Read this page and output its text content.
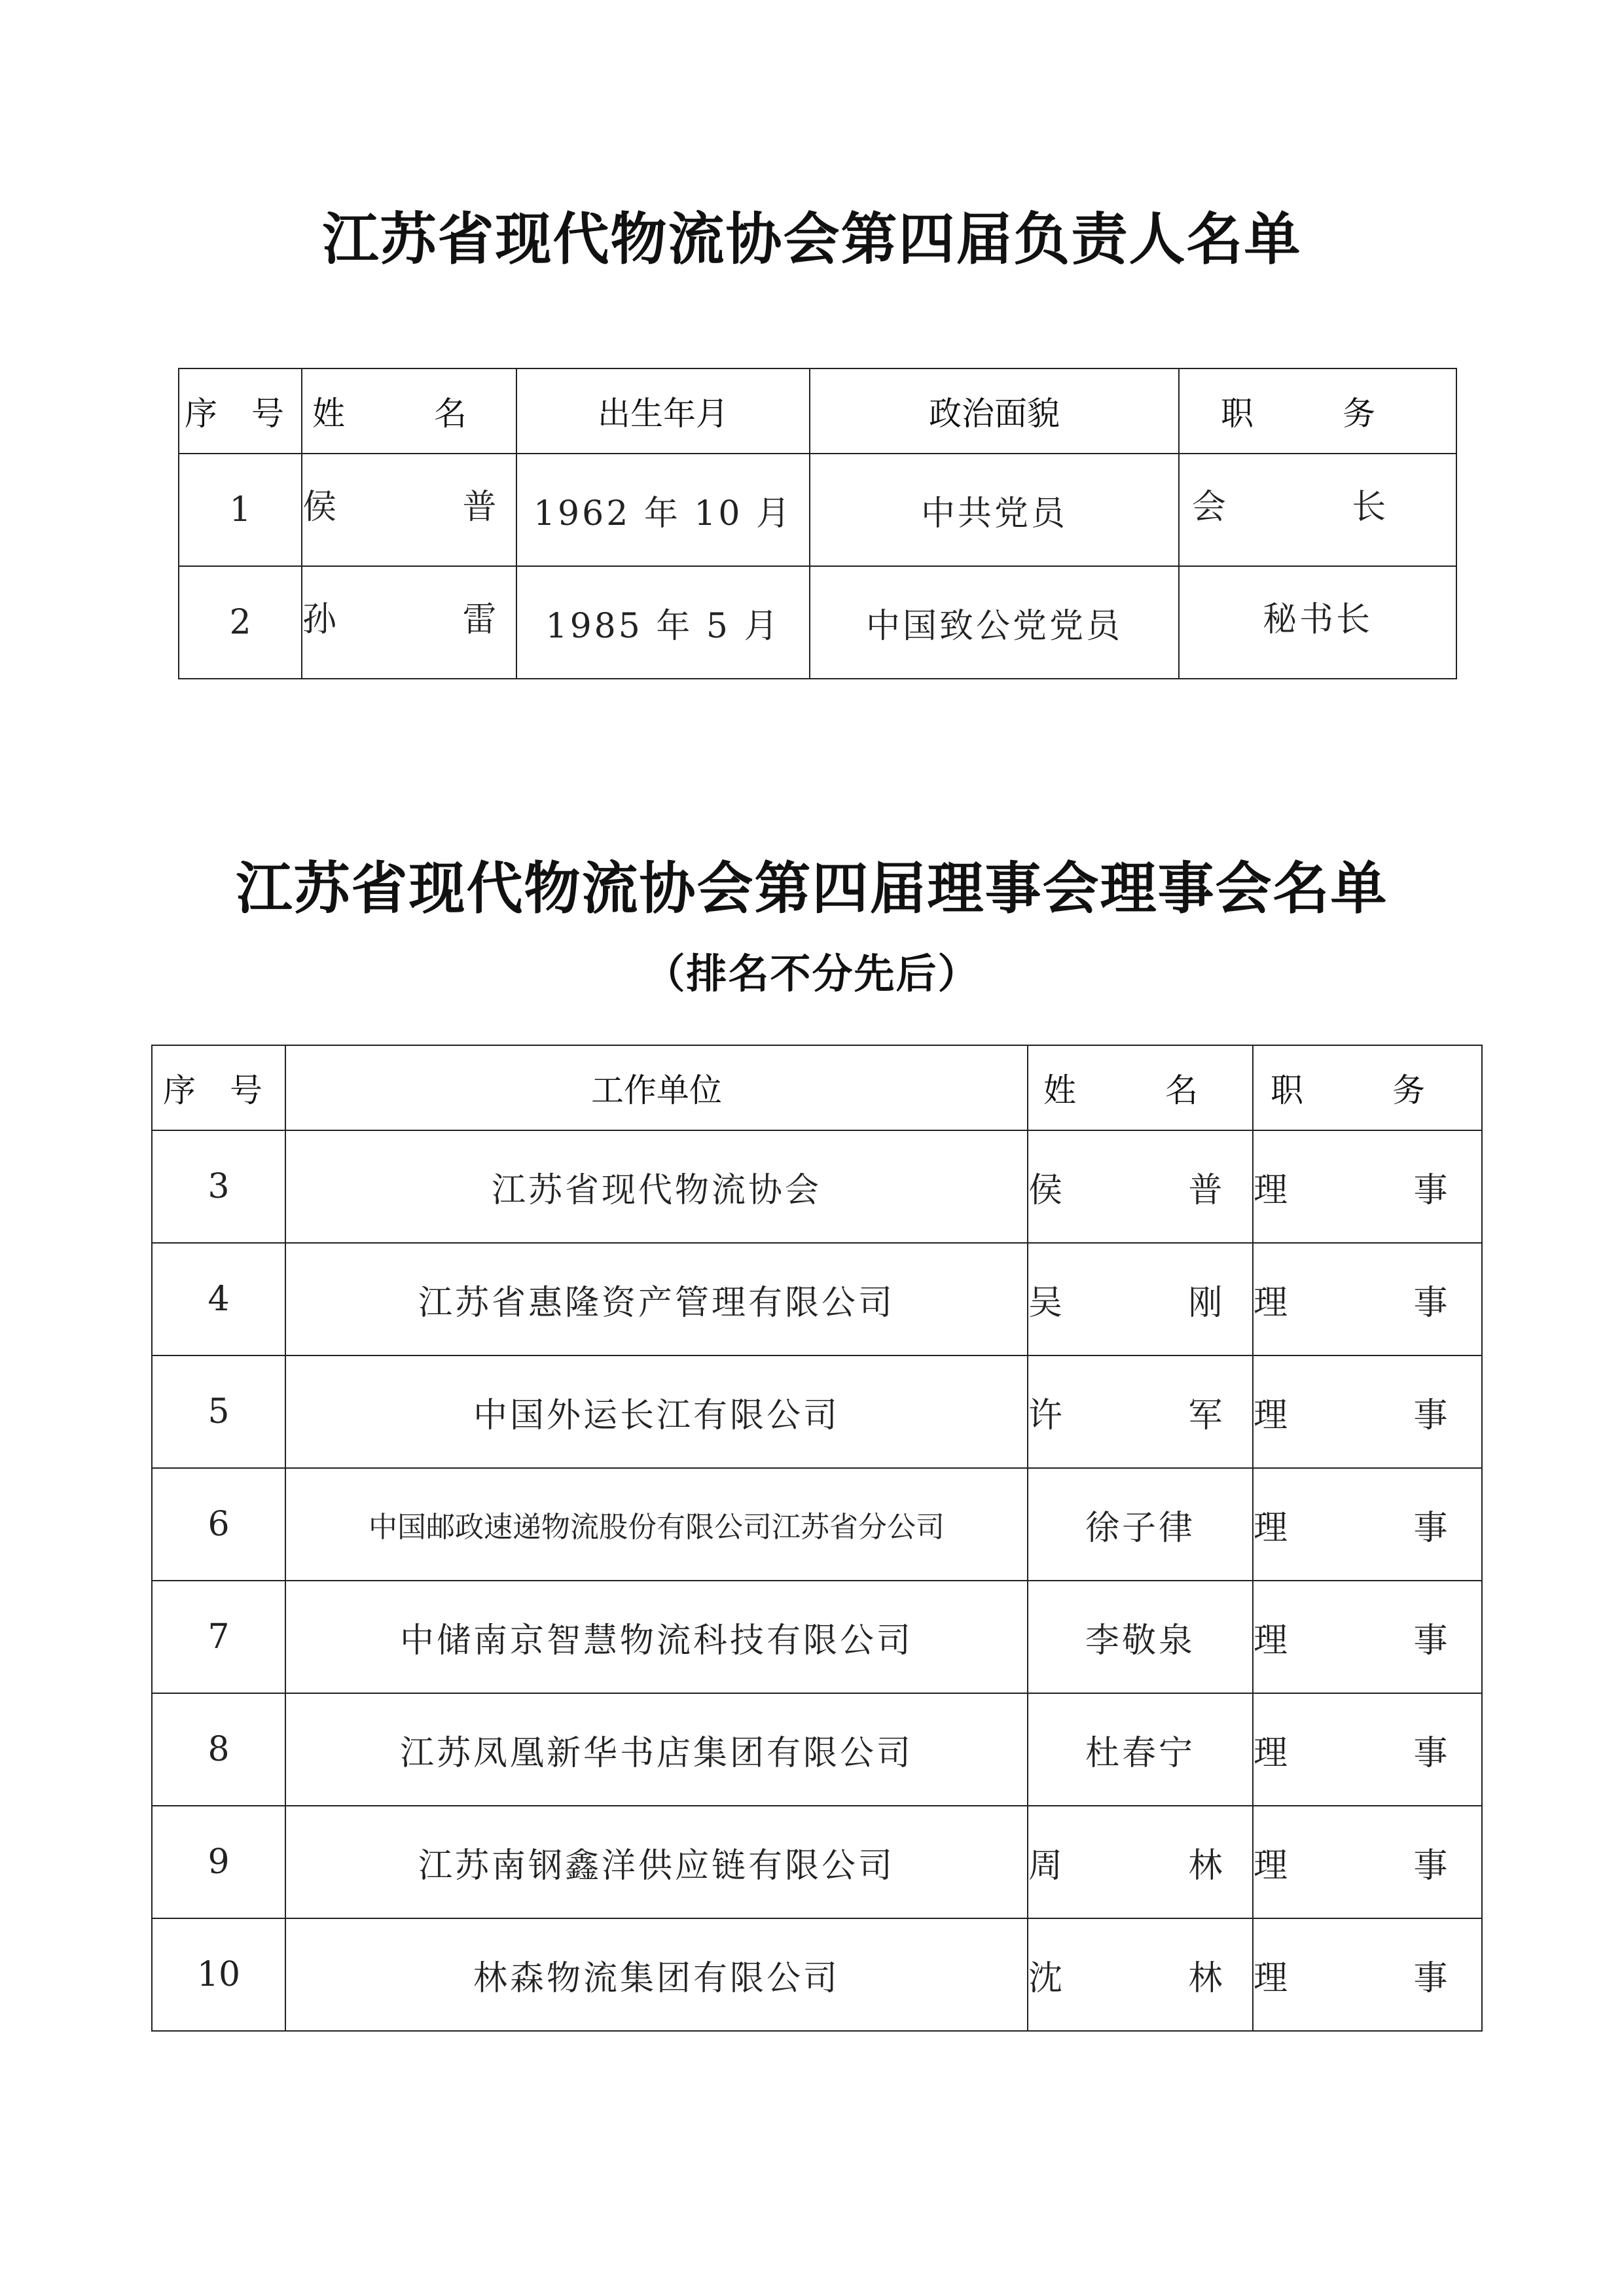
江苏省现代物流协会第四届负责人名单
序 号	姓 名	出生年月	政治面貌	职 务
1	侯 普	1962 年 10 月	中共党员	会 长
2	孙 雷	1985 年 5 月	中国致公党党员	秘书长
江苏省现代物流协会第四届理事会理事会名单
（排名不分先后）
序 号	工作单位	姓 名	职 务
3	江苏省现代物流协会	侯 普	理 事
4	江苏省惠隆资产管理有限公司	吴 刚	理 事
5	中国外运长江有限公司	许 军	理 事
6	中国邮政速递物流股份有限公司江苏省分公司	徐子律	理 事
7	中储南京智慧物流科技有限公司	李敬泉	理 事
8	江苏凤凰新华书店集团有限公司	杜春宁	理 事
9	江苏南钢鑫洋供应链有限公司	周 林	理 事
10	林森物流集团有限公司	沈 林	理 事
